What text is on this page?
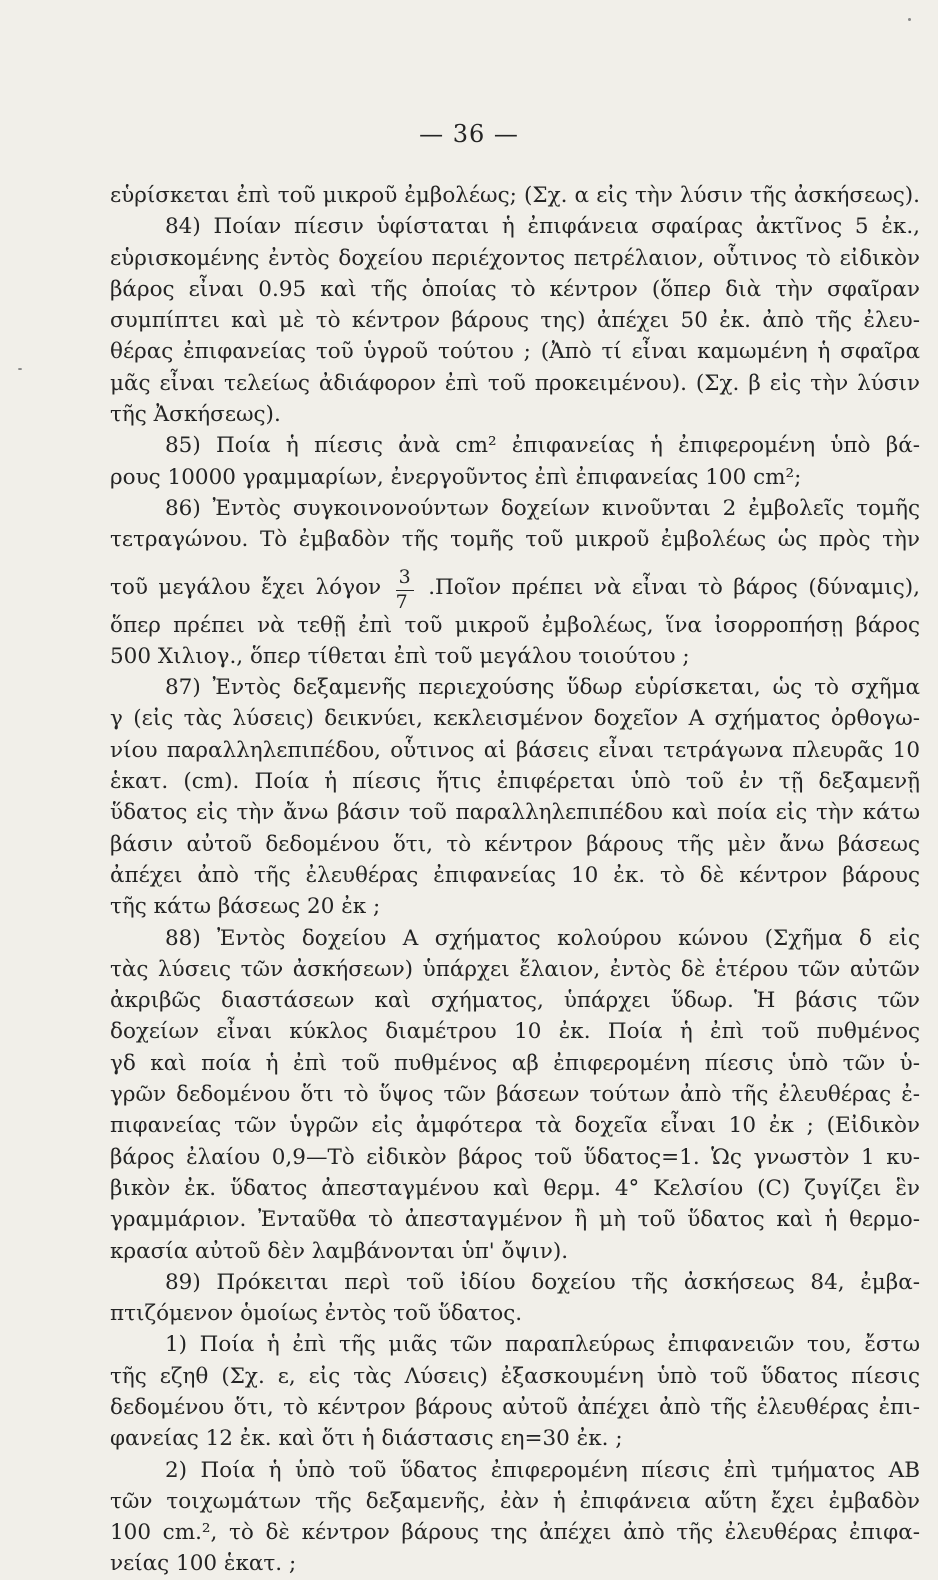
— 36 —
εὑρίσκεται ἐπὶ τοῦ μικροῦ ἐμβολέως; (Σχ. α εἰς τὴν λύσιν τῆς ἀσκήσεως).
84) Ποίαν πίεσιν ὑφίσταται ἡ ἐπιφάνεια σφαίρας ἀκτῖνος 5 ἐκ.,
εὑρισκομένης ἐντὸς δοχείου περιέχοντος πετρέλαιον, οὗτινος τὸ εἰδικὸν
βάρος εἶναι 0.95 καὶ τῆς ὁποίας τὸ κέντρον (ὅπερ διὰ τὴν σφαῖραν
συμπίπτει καὶ μὲ τὸ κέντρον βάρους της) ἀπέχει 50 ἐκ. ἀπὸ τῆς ἐλευ-
θέρας ἐπιφανείας τοῦ ὑγροῦ τούτου ; (Ἀπὸ τί εἶναι καμωμένη ἡ σφαῖρα
μᾶς εἶναι τελείως ἀδιάφορον ἐπὶ τοῦ προκειμένου). (Σχ. β εἰς τὴν λύσιν
τῆς Ἀσκήσεως).
85) Ποία ἡ πίεσις ἀνὰ cm² ἐπιφανείας ἡ ἐπιφερομένη ὑπὸ βά-
ρους 10000 γραμμαρίων, ἐνεργοῦντος ἐπὶ ἐπιφανείας 100 cm²;
86) Ἐντὸς συγκοινονούντων δοχείων κινοῦνται 2 ἐμβολεῖς τομῆς
τετραγώνου. Τὸ ἐμβαδὸν τῆς τομῆς τοῦ μικροῦ ἐμβολέως ὡς πρὸς τὴν
τοῦ μεγάλου ἔχει λόγον $\frac{3}{7}$ .Ποῖον πρέπει νὰ εἶναι τὸ βάρος (δύναμις),
ὅπερ πρέπει νὰ τεθῇ ἐπὶ τοῦ μικροῦ ἐμβολέως, ἵνα ἰσορροπήσῃ βάρος
500 Χιλιογ., ὅπερ τίθεται ἐπὶ τοῦ μεγάλου τοιούτου ;
87) Ἐντὸς δεξαμενῆς περιεχούσης ὕδωρ εὑρίσκεται, ὡς τὸ σχῆμα
γ (εἰς τὰς λύσεις) δεικνύει, κεκλεισμένον δοχεῖον Α σχήματος ὀρθογω-
νίου παραλληλεπιπέδου, οὗτινος αἱ βάσεις εἶναι τετράγωνα πλευρᾶς 10
ἑκατ. (cm). Ποία ἡ πίεσις ἥτις ἐπιφέρεται ὑπὸ τοῦ ἐν τῇ δεξαμενῇ
ὕδατος εἰς τὴν ἄνω βάσιν τοῦ παραλληλεπιπέδου καὶ ποία εἰς τὴν κάτω
βάσιν αὐτοῦ δεδομένου ὅτι, τὸ κέντρον βάρους τῆς μὲν ἄνω βάσεως
ἀπέχει ἀπὸ τῆς ἐλευθέρας ἐπιφανείας 10 ἐκ. τὸ δὲ κέντρον βάρους
τῆς κάτω βάσεως 20 ἐκ ;
88) Ἐντὸς δοχείου Α σχήματος κολούρου κώνου (Σχῆμα δ εἰς
τὰς λύσεις τῶν ἀσκήσεων) ὑπάρχει ἔλαιον, ἐντὸς δὲ ἑτέρου τῶν αὐτῶν
ἀκριβῶς διαστάσεων καὶ σχήματος, ὑπάρχει ὕδωρ. Ἡ βάσις τῶν
δοχείων εἶναι κύκλος διαμέτρου 10 ἐκ. Ποία ἡ ἐπὶ τοῦ πυθμένος
γδ καὶ ποία ἡ ἐπὶ τοῦ πυθμένος αβ ἐπιφερομένη πίεσις ὑπὸ τῶν ὑ-
γρῶν δεδομένου ὅτι τὸ ὕψος τῶν βάσεων τούτων ἀπὸ τῆς ἐλευθέρας ἐ-
πιφανείας τῶν ὑγρῶν εἰς ἀμφότερα τὰ δοχεῖα εἶναι 10 ἐκ ; (Εἰδικὸν
βάρος ἐλαίου 0,9—Τὸ εἰδικὸν βάρος τοῦ ὕδατος=1. Ὡς γνωστὸν 1 κυ-
βικὸν ἐκ. ὕδατος ἀπεσταγμένου καὶ θερμ. 4° Κελσίου (C) ζυγίζει ἓν
γραμμάριον. Ἐνταῦθα τὸ ἀπεσταγμένον ἢ μὴ τοῦ ὕδατος καὶ ἡ θερμο-
κρασία αὐτοῦ δὲν λαμβάνονται ὑπ' ὄψιν).
89) Πρόκειται περὶ τοῦ ἰδίου δοχείου τῆς ἀσκήσεως 84, ἐμβα-
πτιζόμενον ὁμοίως ἐντὸς τοῦ ὕδατος.
1) Ποία ἡ ἐπὶ τῆς μιᾶς τῶν παραπλεύρως ἐπιφανειῶν του, ἔστω
τῆς εζηθ (Σχ. ε, εἰς τὰς Λύσεις) ἐξασκουμένη ὑπὸ τοῦ ὕδατος πίεσις
δεδομένου ὅτι, τὸ κέντρον βάρους αὐτοῦ ἀπέχει ἀπὸ τῆς ἐλευθέρας ἐπι-
φανείας 12 ἐκ. καὶ ὅτι ἡ διάστασις εη=30 ἐκ. ;
2) Ποία ἡ ὑπὸ τοῦ ὕδατος ἐπιφερομένη πίεσις ἐπὶ τμήματος ΑΒ
τῶν τοιχωμάτων τῆς δεξαμενῆς, ἐὰν ἡ ἐπιφάνεια αὕτη ἔχει ἐμβαδὸν
100 cm.², τὸ δὲ κέντρον βάρους της ἀπέχει ἀπὸ τῆς ἐλευθέρας ἐπιφα-
νείας 100 ἑκατ. ;
